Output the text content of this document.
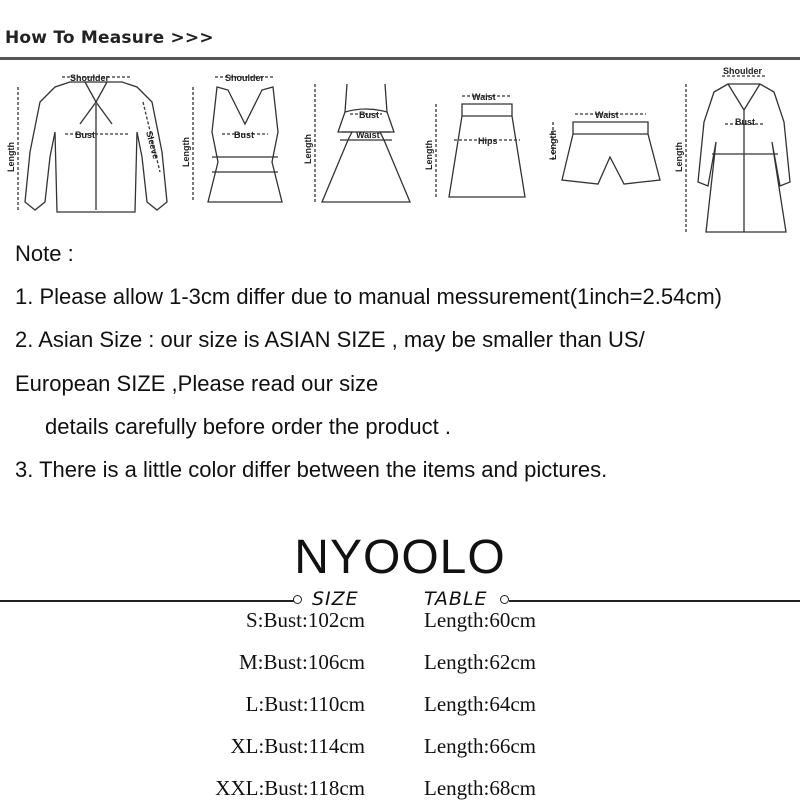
How To Measure >>>
Shoulder
Bust
Length	Sleeve
Shoulder
Bust
Length
Bust
Waist
Length
Waist
Hips
Length
Waist
Length
Shoulder
Bust
Length
Note :
1. Please allow 1-3cm differ due to manual messurement(1inch=2.54cm)
2. Asian Size : our size is ASIAN SIZE , may be smaller than US/
European SIZE ,Please read our size
details carefully before order the product .
3. There is a little color differ between the items and pictures.
NYOOLO
SIZE	TABLE
S:Bust:102cm	Length:60cm
M:Bust:106cm	Length:62cm
L:Bust:110cm	Length:64cm
XL:Bust:114cm	Length:66cm
XXL:Bust:118cm	Length:68cm
